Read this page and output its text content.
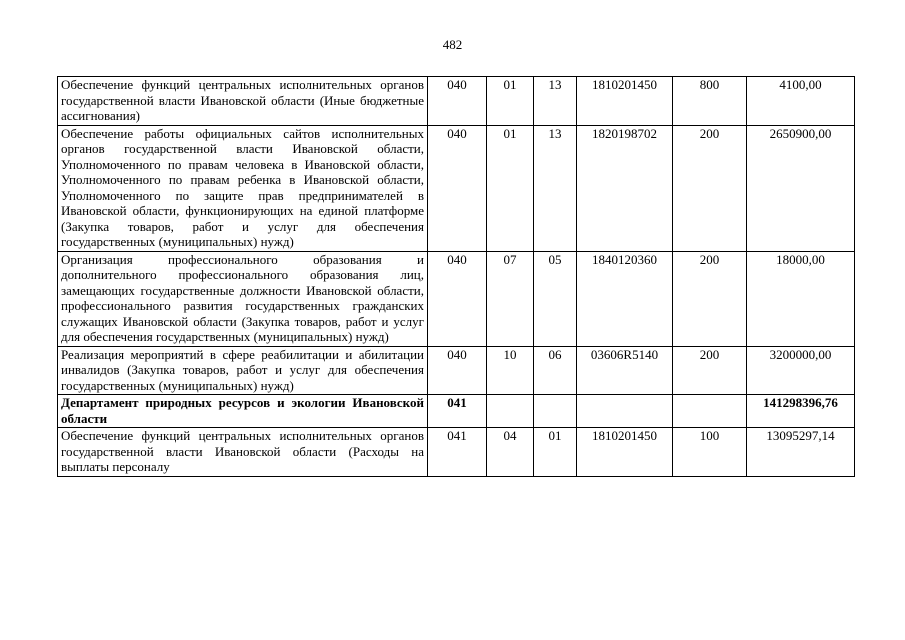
482
Обеспечение функций центральных исполнительных органов государственной власти Ивановской области (Иные бюджетные ассигнования)	040	01	13	1810201450	800	4100,00
Обеспечение работы официальных сайтов исполнительных органов государственной власти Ивановской области, Уполномоченного по правам человека в Ивановской области, Уполномоченного по правам ребенка в Ивановской области, Уполномоченного по защите прав предпринимателей в Ивановской области, функционирующих на единой платформе (Закупка товаров, работ и услуг для обеспечения государственных (муниципальных) нужд)	040	01	13	1820198702	200	2650900,00
Организация профессионального образования и дополнительного профессионального образования лиц, замещающих государственные должности Ивановской области, профессионального развития государственных гражданских служащих Ивановской области (Закупка товаров, работ и услуг для обеспечения государственных (муниципальных) нужд)	040	07	05	1840120360	200	18000,00
Реализация мероприятий в сфере реабилитации и абилитации инвалидов (Закупка товаров, работ и услуг для обеспечения государственных (муниципальных) нужд)	040	10	06	03606R5140	200	3200000,00
Департамент природных ресурсов и экологии Ивановской области	041					141298396,76
Обеспечение функций центральных исполнительных органов государственной власти Ивановской области (Расходы на выплаты персоналу	041	04	01	1810201450	100	13095297,14
